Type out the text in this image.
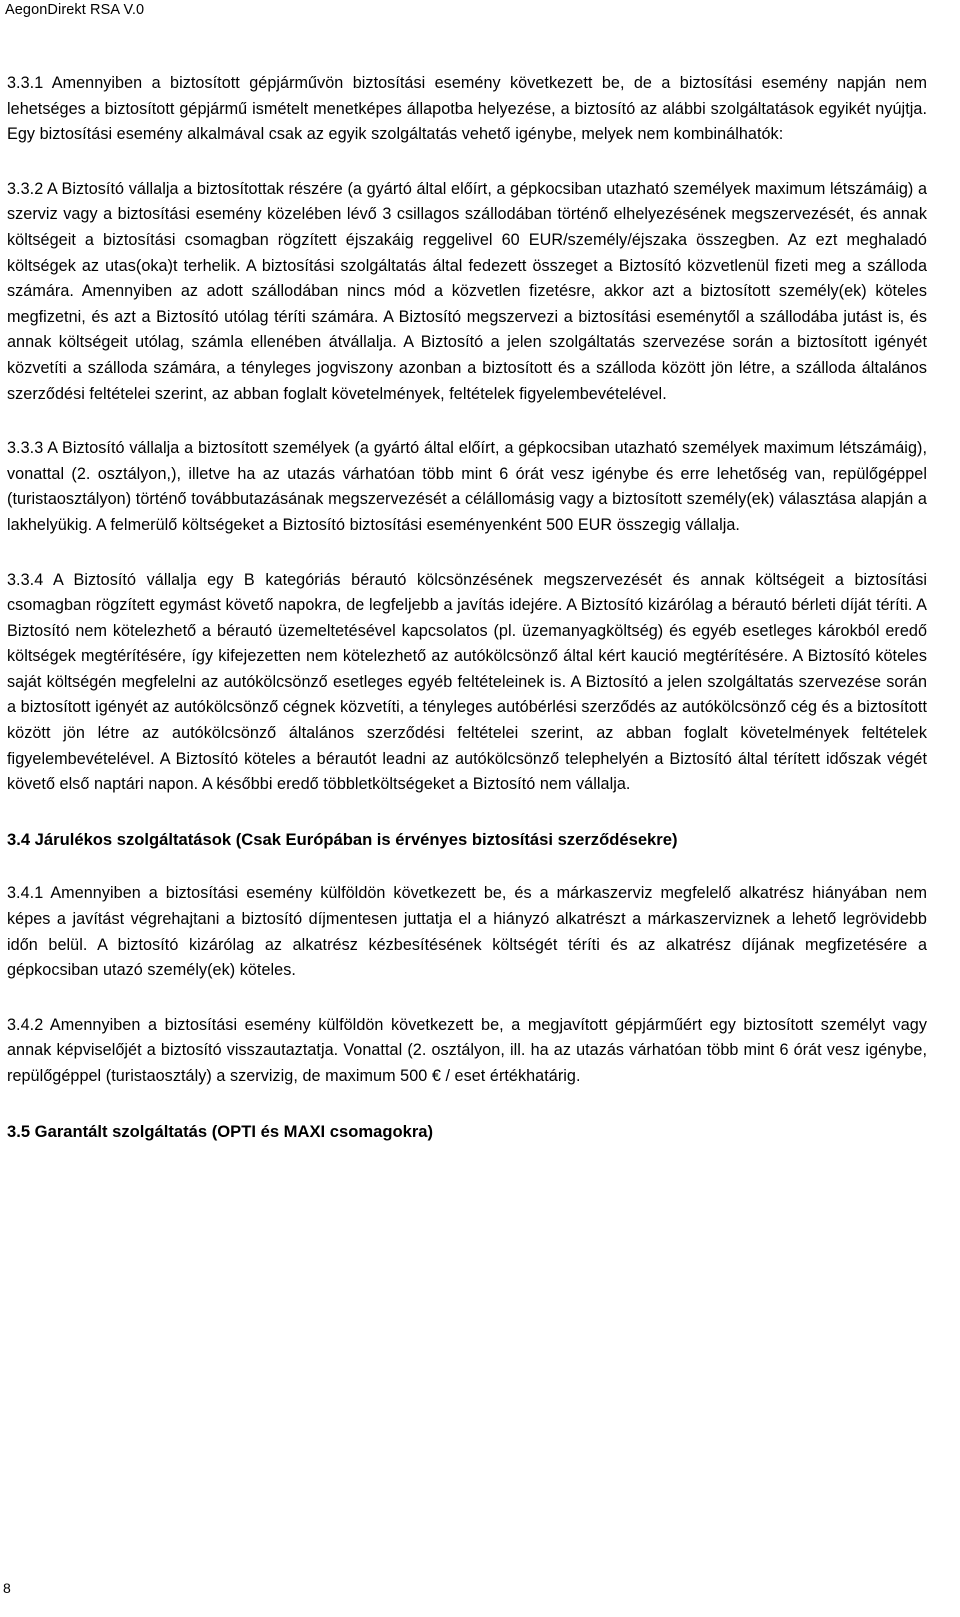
AegonDirekt RSA V.0

3.3.1 Amennyiben a biztosított gépjárművön biztosítási esemény következett be, de a biztosítási esemény napján nem lehetséges a biztosított gépjármű ismételt menetképes állapotba helyezése, a biztosító az alábbi szolgáltatások egyikét nyújtja. Egy biztosítási esemény alkalmával csak az egyik szolgáltatás vehető igénybe, melyek nem kombinálhatók:

3.3.2 A Biztosító vállalja a biztosítottak részére (a gyártó által előírt, a gépkocsiban utazható személyek maximum létszámáig) a szerviz vagy a biztosítási esemény közelében lévő 3 csillagos szállodában történő elhelyezésének megszervezését, és annak költségeit a biztosítási csomagban rögzített éjszakáig reggelivel 60 EUR/személy/éjszaka összegben. Az ezt meghaladó költségek az utas(oka)t terhelik. A biztosítási szolgáltatás által fedezett összeget a Biztosító közvetlenül fizeti meg a szálloda számára. Amennyiben az adott szállodában nincs mód a közvetlen fizetésre, akkor azt a biztosított személy(ek) köteles megfizetni, és azt a Biztosító utólag téríti számára. A Biztosító megszervezi a biztosítási eseménytől a szállodába jutást is, és annak költségeit utólag, számla ellenében átvállalja. A Biztosító a jelen szolgáltatás szervezése során a biztosított igényét közvetíti a szálloda számára, a tényleges jogviszony azonban a biztosított és a szálloda között jön létre, a szálloda általános szerződési feltételei szerint, az abban foglalt követelmények, feltételek figyelembevételével.

3.3.3 A Biztosító vállalja a biztosított személyek (a gyártó által előírt, a gépkocsiban utazható személyek maximum létszámáig), vonattal (2. osztályon,), illetve ha az utazás várhatóan több mint 6 órát vesz igénybe és erre lehetőség van, repülőgéppel (turistaosztályon) történő továbbutazásának megszervezését a célállomásig vagy a biztosított személy(ek) választása alapján a lakhelyükig. A felmerülő költségeket a Biztosító biztosítási eseményenként 500 EUR összegig vállalja.

3.3.4 A Biztosító vállalja egy B kategóriás bérautó kölcsönzésének megszervezését és annak költségeit a biztosítási csomagban rögzített egymást követő napokra, de legfeljebb a javítás idejére. A Biztosító kizárólag a bérautó bérleti díját téríti. A Biztosító nem kötelezhető a bérautó üzemeltetésével kapcsolatos (pl. üzemanyagköltség) és egyéb esetleges károkból eredő költségek megtérítésére, így kifejezetten nem kötelezhető az autókölcsönző által kért kaució megtérítésére. A Biztosító köteles saját költségén megfelelni az autókölcsönző esetleges egyéb feltételeinek is. A Biztosító a jelen szolgáltatás szervezése során a biztosított igényét az autókölcsönző cégnek közvetíti, a tényleges autóbérlési szerződés az autókölcsönző cég és a biztosított között jön létre az autókölcsönző általános szerződési feltételei szerint, az abban foglalt követelmények feltételek figyelembevételével. A Biztosító köteles a bérautót leadni az autókölcsönző telephelyén a Biztosító által térített időszak végét követő első naptári napon. A későbbi eredő többletköltségeket a Biztosító nem vállalja.

3.4 Járulékos szolgáltatások (Csak Európában is érvényes biztosítási szerződésekre)

3.4.1 Amennyiben a biztosítási esemény külföldön következett be, és a márkaszerviz megfelelő alkatrész hiányában nem képes a javítást végrehajtani a biztosító díjmentesen juttatja el a hiányzó alkatrészt a márkaszerviznek a lehető legrövidebb időn belül. A biztosító kizárólag az alkatrész kézbesítésének költségét téríti és az alkatrész díjának megfizetésére a gépkocsiban utazó személy(ek) köteles.

3.4.2 Amennyiben a biztosítási esemény külföldön következett be, a megjavított gépjárműért egy biztosított személyt vagy annak képviselőjét a biztosító visszautaztatja. Vonattal (2. osztályon, ill. ha az utazás várhatóan több mint 6 órát vesz igénybe, repülőgéppel (turistaosztály) a szervizig, de maximum 500 € / eset értékhatárig.

3.5 Garantált szolgáltatás (OPTI és MAXI csomagokra)

8
